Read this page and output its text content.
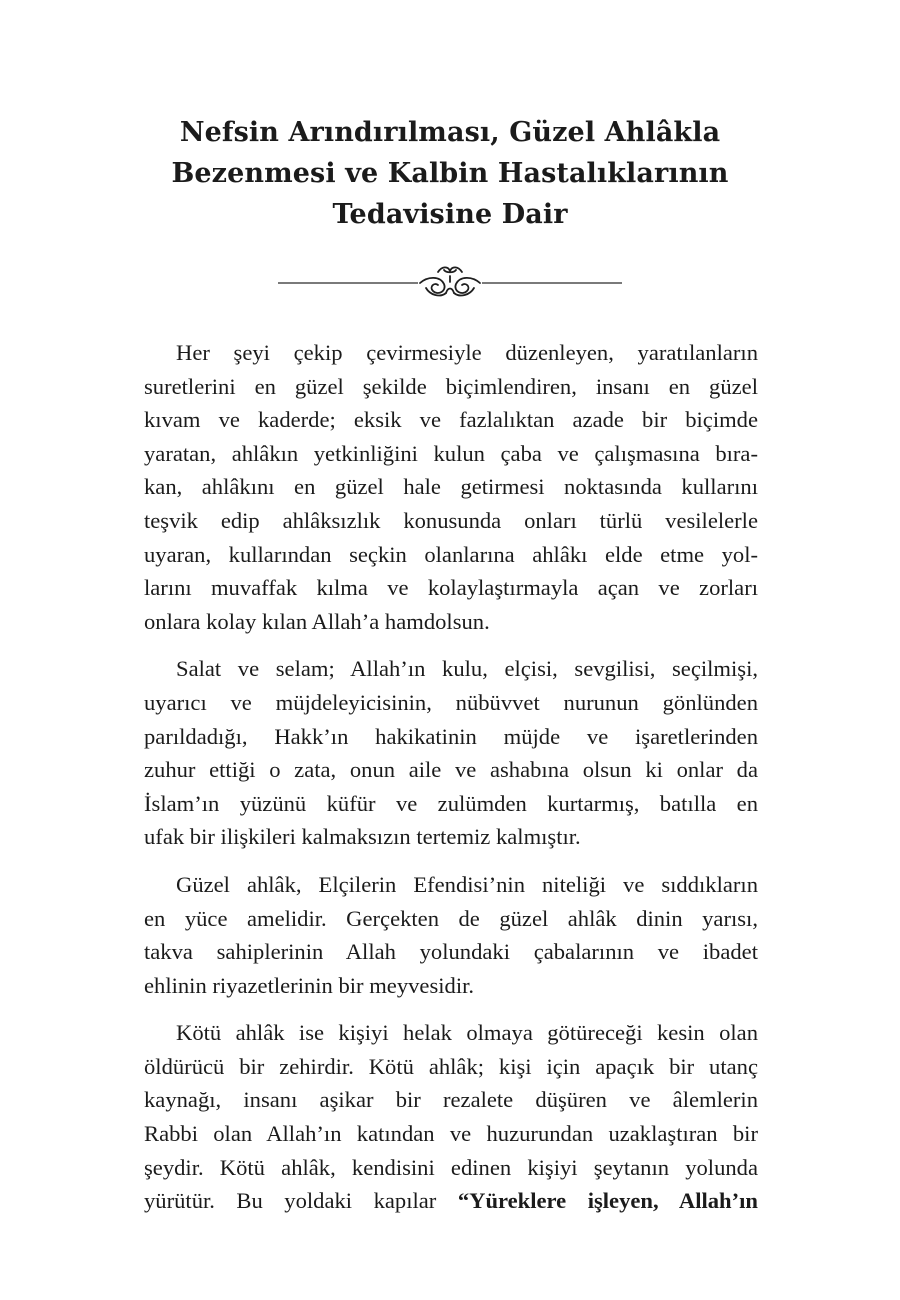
Nefsin Arındırılması, Güzel Ahlâkla
Bezenmesi ve Kalbin Hastalıklarının
Tedavisine Dair
Her şeyi çekip çevirmesiyle düzenleyen, yaratılanların
suretlerini en güzel şekilde biçimlendiren, insanı en güzel
kıvam ve kaderde; eksik ve fazlalıktan azade bir biçimde
yaratan, ahlâkın yetkinliğini kulun çaba ve çalışmasına bıra-
kan, ahlâkını en güzel hale getirmesi noktasında kullarını
teşvik edip ahlâksızlık konusunda onları türlü vesilelerle
uyaran, kullarından seçkin olanlarına ahlâkı elde etme yol-
larını muvaffak kılma ve kolaylaştırmayla açan ve zorları
onlara kolay kılan Allah’a hamdolsun.
Salat ve selam; Allah’ın kulu, elçisi, sevgilisi, seçilmişi,
uyarıcı ve müjdeleyicisinin, nübüvvet nurunun gönlünden
parıldadığı, Hakk’ın hakikatinin müjde ve işaretlerinden
zuhur ettiği o zata, onun aile ve ashabına olsun ki onlar da
İslam’ın yüzünü küfür ve zulümden kurtarmış, batılla en
ufak bir ilişkileri kalmaksızın tertemiz kalmıştır.
Güzel ahlâk, Elçilerin Efendisi’nin niteliği ve sıddıkların
en yüce amelidir. Gerçekten de güzel ahlâk dinin yarısı,
takva sahiplerinin Allah yolundaki çabalarının ve ibadet
ehlinin riyazetlerinin bir meyvesidir.
Kötü ahlâk ise kişiyi helak olmaya götüreceği kesin olan
öldürücü bir zehirdir. Kötü ahlâk; kişi için apaçık bir utanç
kaynağı, insanı aşikar bir rezalete düşüren ve âlemlerin
Rabbi olan Allah’ın katından ve huzurundan uzaklaştıran bir
şeydir. Kötü ahlâk, kendisini edinen kişiyi şeytanın yolunda
yürütür. Bu yoldaki kapılar “Yüreklere işleyen, Allah’ın
